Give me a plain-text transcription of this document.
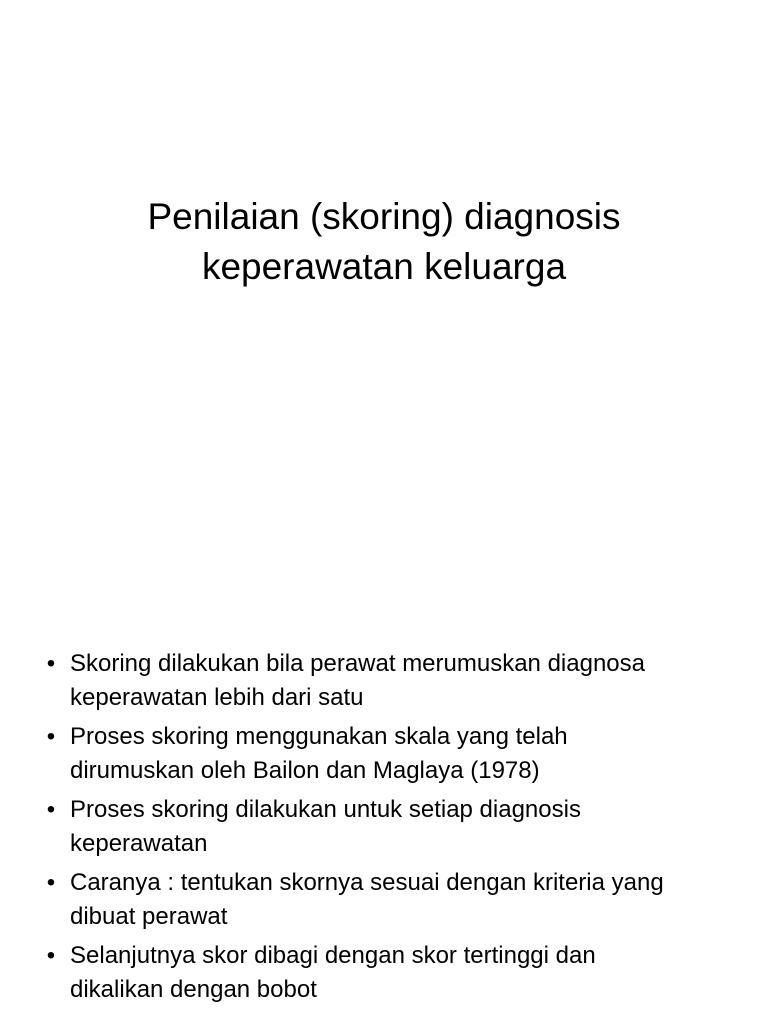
Penilaian (skoring) diagnosis
keperawatan keluarga
• Skoring dilakukan bila perawat merumuskan diagnosa
keperawatan lebih dari satu
• Proses skoring menggunakan skala yang telah
dirumuskan oleh Bailon dan Maglaya (1978)
• Proses skoring dilakukan untuk setiap diagnosis
keperawatan
• Caranya : tentukan skornya sesuai dengan kriteria yang
dibuat perawat
• Selanjutnya skor dibagi dengan skor tertinggi dan
dikalikan dengan bobot
